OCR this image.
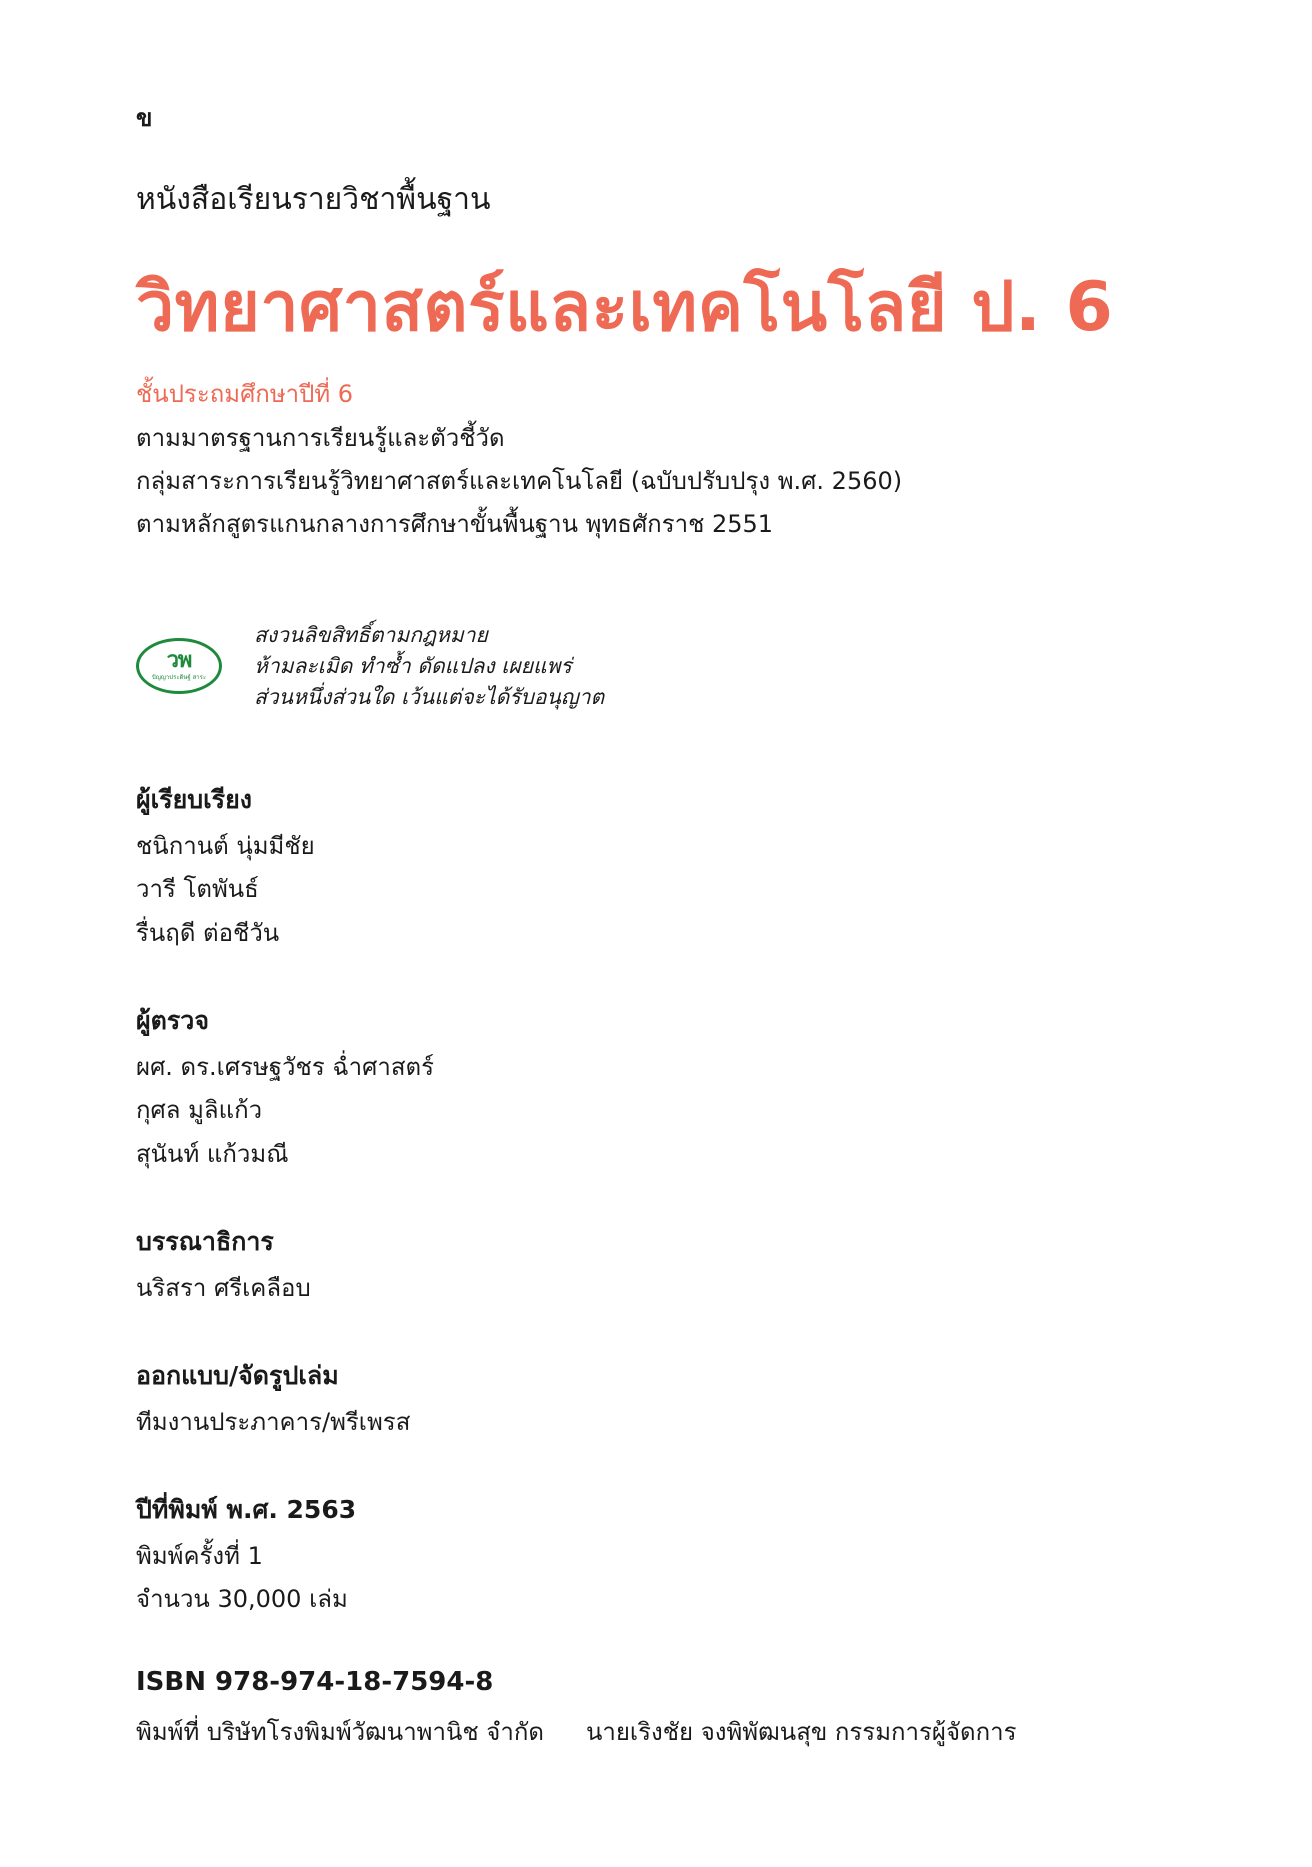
ข
หนังสือเรียนรายวิชาพื้นฐาน
วิทยาศาสตร์และเทคโนโลยี ป. 6
ชั้นประถมศึกษาปีที่ 6
ตามมาตรฐานการเรียนรู้และตัวชี้วัด
กลุ่มสาระการเรียนรู้วิทยาศาสตร์และเทคโนโลยี (ฉบับปรับปรุง พ.ศ. 2560)
ตามหลักสูตรแกนกลางการศึกษาขั้นพื้นฐาน พุทธศักราช 2551
วพ
ปัญญาประดิษฐ์ สาระ
สงวนลิขสิทธิ์ตามกฎหมาย
ห้ามละเมิด ทำซ้ำ ดัดแปลง เผยแพร่
ส่วนหนึ่งส่วนใด เว้นแต่จะได้รับอนุญาต
ผู้เรียบเรียง
ชนิกานต์ นุ่มมีชัย
วารี โตพันธ์
รื่นฤดี ต่อชีวัน
ผู้ตรวจ
ผศ. ดร.เศรษฐวัชร ฉ่ำศาสตร์
กุศล มูลิแก้ว
สุนันท์ แก้วมณี
บรรณาธิการ
นริสรา ศรีเคลือบ
ออกแบบ/จัดรูปเล่ม
ทีมงานประภาคาร/พรีเพรส
ปีที่พิมพ์ พ.ศ. 2563
พิมพ์ครั้งที่ 1
จำนวน 30,000 เล่ม
ISBN 978-974-18-7594-8
พิมพ์ที่ บริษัทโรงพิมพ์วัฒนาพานิช จำกัด นายเริงชัย จงพิพัฒนสุข กรรมการผู้จัดการ
